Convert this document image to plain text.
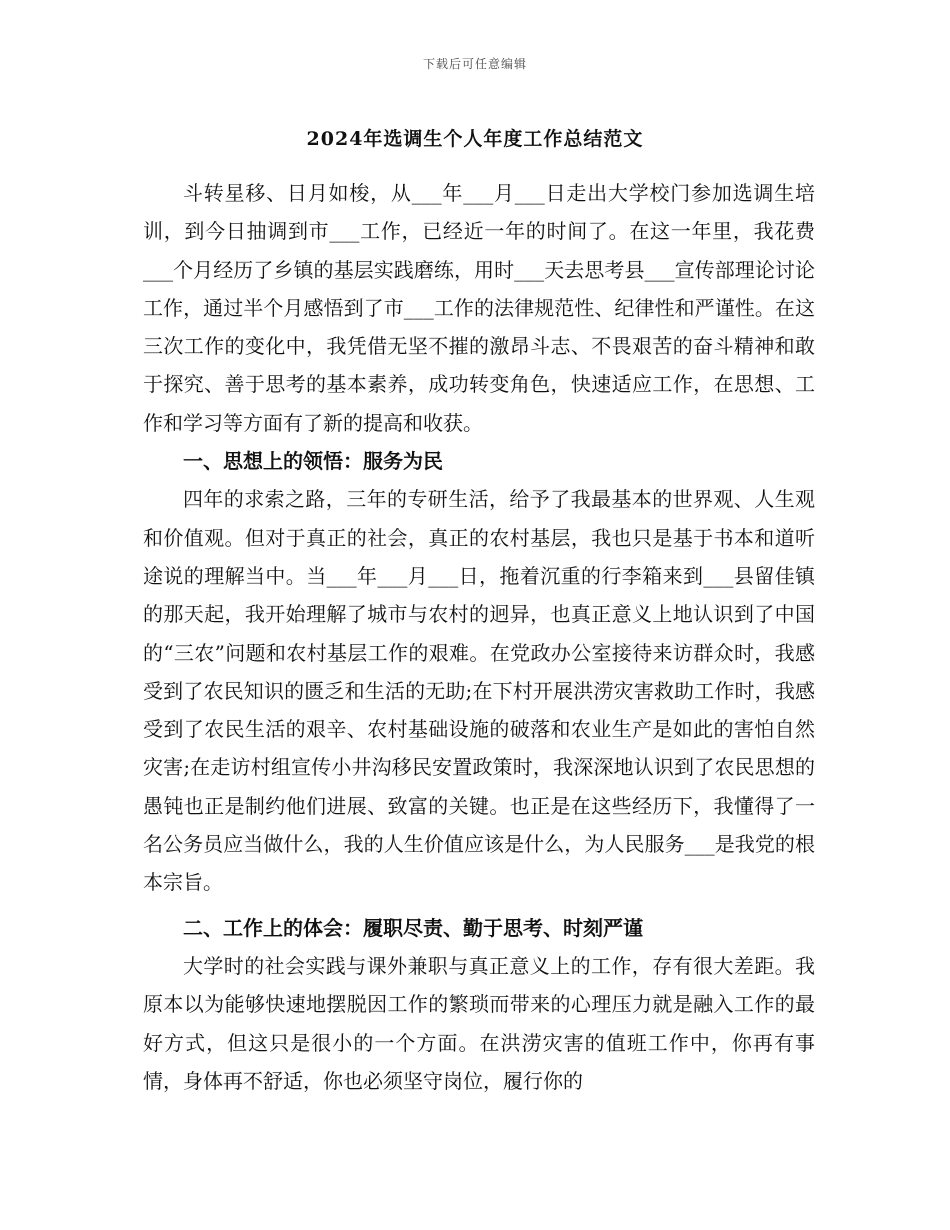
下载后可任意编辑
2024年选调生个人年度工作总结范文

斗转星移、日月如梭，从___年___月___日走出大学校门参加选调生培训，到今日抽调到市___工作，已经近一年的时间了。在这一年里，我花费___个月经历了乡镇的基层实践磨练，用时___天去思考县___宣传部理论讨论工作，通过半个月感悟到了市___工作的法律规范性、纪律性和严谨性。在这三次工作的变化中，我凭借无坚不摧的激昂斗志、不畏艰苦的奋斗精神和敢于探究、善于思考的基本素养，成功转变角色，快速适应工作，在思想、工作和学习等方面有了新的提高和收获。

一、思想上的领悟：服务为民

四年的求索之路，三年的专研生活，给予了我最基本的世界观、人生观和价值观。但对于真正的社会，真正的农村基层，我也只是基于书本和道听途说的理解当中。当___年___月___日，拖着沉重的行李箱来到___县留佳镇的那天起，我开始理解了城市与农村的迥异，也真正意义上地认识到了中国的“三农”问题和农村基层工作的艰难。在党政办公室接待来访群众时，我感受到了农民知识的匮乏和生活的无助;在下村开展洪涝灾害救助工作时，我感受到了农民生活的艰辛、农村基础设施的破落和农业生产是如此的害怕自然灾害;在走访村组宣传小井沟移民安置政策时，我深深地认识到了农民思想的愚钝也正是制约他们进展、致富的关键。也正是在这些经历下，我懂得了一名公务员应当做什么，我的人生价值应该是什么，为人民服务___是我党的根本宗旨。

二、工作上的体会：履职尽责、勤于思考、时刻严谨

大学时的社会实践与课外兼职与真正意义上的工作，存有很大差距。我原本以为能够快速地摆脱因工作的繁琐而带来的心理压力就是融入工作的最好方式，但这只是很小的一个方面。在洪涝灾害的值班工作中，你再有事情，身体再不舒适，你也必须坚守岗位，履行你的
